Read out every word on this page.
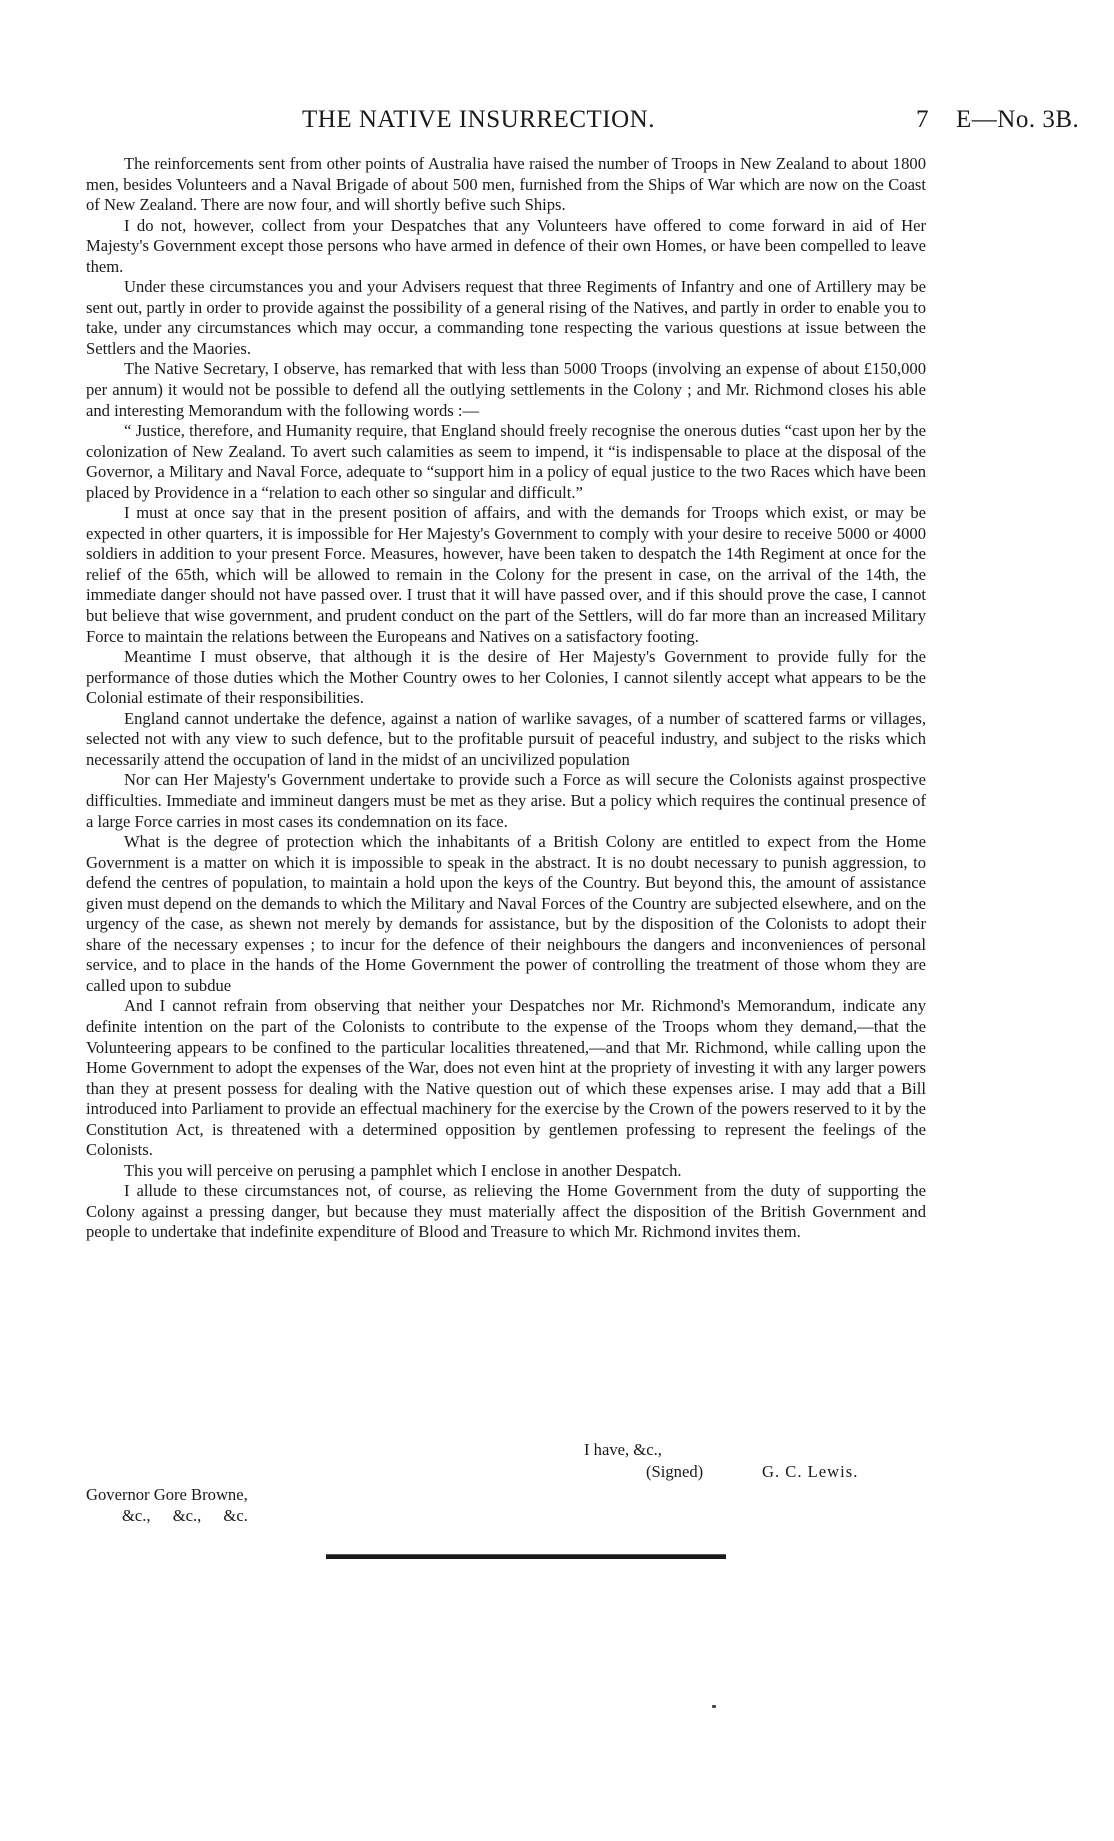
THE NATIVE INSURRECTION.	7 E—No. 3B.

The reinforcements sent from other points of Australia have raised the number of Troops in New Zealand to about 1800 men, besides Volunteers and a Naval Brigade of about 500 men, furnished from the Ships of War which are now on the Coast of New Zealand. There are now four, and will shortly befive such Ships.

I do not, however, collect from your Despatches that any Volunteers have offered to come forward in aid of Her Majesty's Government except those persons who have armed in defence of their own Homes, or have been compelled to leave them.

Under these circumstances you and your Advisers request that three Regiments of Infantry and one of Artillery may be sent out, partly in order to provide against the possibility of a general rising of the Natives, and partly in order to enable you to take, under any circumstances which may occur, a commanding tone respecting the various questions at issue between the Settlers and the Maories.

The Native Secretary, I observe, has remarked that with less than 5000 Troops (involving an expense of about £150,000 per annum) it would not be possible to defend all the outlying settlements in the Colony ; and Mr. Richmond closes his able and interesting Memorandum with the following words :—

“ Justice, therefore, and Humanity require, that England should freely recognise the onerous duties “cast upon her by the colonization of New Zealand. To avert such calamities as seem to impend, it “is indispensable to place at the disposal of the Governor, a Military and Naval Force, adequate to “support him in a policy of equal justice to the two Races which have been placed by Providence in a “relation to each other so singular and difficult.”

I must at once say that in the present position of affairs, and with the demands for Troops which exist, or may be expected in other quarters, it is impossible for Her Majesty's Government to comply with your desire to receive 5000 or 4000 soldiers in addition to your present Force. Measures, however, have been taken to despatch the 14th Regiment at once for the relief of the 65th, which will be allowed to remain in the Colony for the present in case, on the arrival of the 14th, the immediate danger should not have passed over. I trust that it will have passed over, and if this should prove the case, I cannot but believe that wise government, and prudent conduct on the part of the Settlers, will do far more than an increased Military Force to maintain the relations between the Europeans and Natives on a satisfactory footing.

Meantime I must observe, that although it is the desire of Her Majesty's Government to provide fully for the performance of those duties which the Mother Country owes to her Colonies, I cannot silently accept what appears to be the Colonial estimate of their responsibilities.

England cannot undertake the defence, against a nation of warlike savages, of a number of scattered farms or villages, selected not with any view to such defence, but to the profitable pursuit of peaceful industry, and subject to the risks which necessarily attend the occupation of land in the midst of an uncivilized population

Nor can Her Majesty's Government undertake to provide such a Force as will secure the Colonists against prospective difficulties. Immediate and immineut dangers must be met as they arise. But a policy which requires the continual presence of a large Force carries in most cases its condemnation on its face.

What is the degree of protection which the inhabitants of a British Colony are entitled to expect from the Home Government is a matter on which it is impossible to speak in the abstract. It is no doubt necessary to punish aggression, to defend the centres of population, to maintain a hold upon the keys of the Country. But beyond this, the amount of assistance given must depend on the demands to which the Military and Naval Forces of the Country are subjected elsewhere, and on the urgency of the case, as shewn not merely by demands for assistance, but by the disposition of the Colonists to adopt their share of the necessary expenses ; to incur for the defence of their neighbours the dangers and inconveniences of personal service, and to place in the hands of the Home Government the power of controlling the treatment of those whom they are called upon to subdue

And I cannot refrain from observing that neither your Despatches nor Mr. Richmond's Memorandum, indicate any definite intention on the part of the Colonists to contribute to the expense of the Troops whom they demand,—that the Volunteering appears to be confined to the particular localities threatened,—and that Mr. Richmond, while calling upon the Home Government to adopt the expenses of the War, does not even hint at the propriety of investing it with any larger powers than they at present possess for dealing with the Native question out of which these expenses arise. I may add that a Bill introduced into Parliament to provide an effectual machinery for the exercise by the Crown of the powers reserved to it by the Constitution Act, is threatened with a determined opposition by gentlemen professing to represent the feelings of the Colonists.

This you will perceive on perusing a pamphlet which I enclose in another Despatch.

I allude to these circumstances not, of course, as relieving the Home Government from the duty of supporting the Colony against a pressing danger, but because they must materially affect the disposition of the British Government and people to undertake that indefinite expenditure of Blood and Treasure to which Mr. Richmond invites them.

I have, &c.,
(Signed)	G. C. Lewis.
Governor Gore Browne,
&c., &c., &c.
